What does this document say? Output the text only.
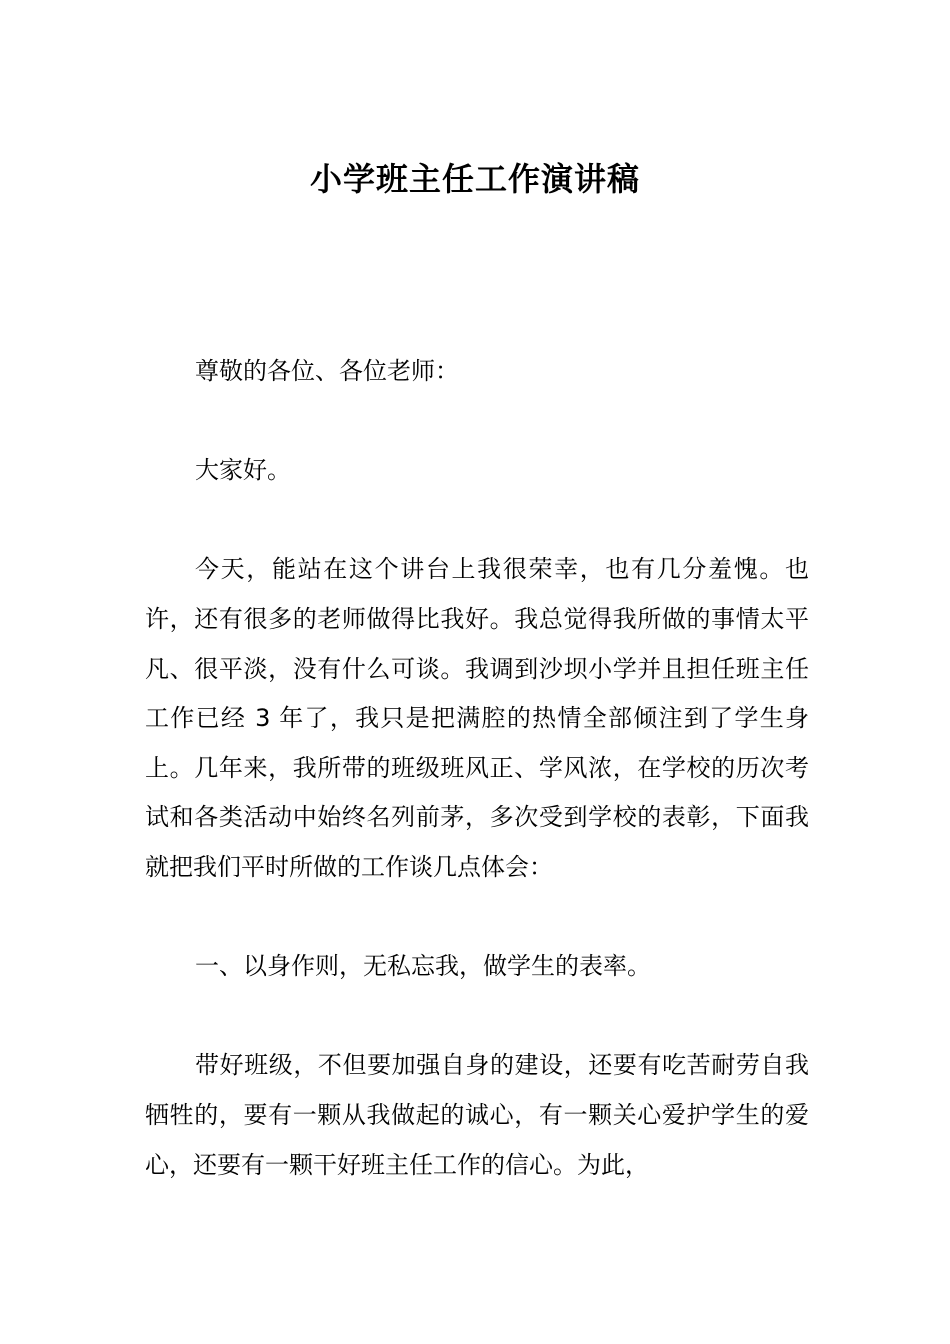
小学班主任工作演讲稿

尊敬的各位、各位老师：

大家好。

今天，能站在这个讲台上我很荣幸，也有几分羞愧。也许，还有很多的老师做得比我好。我总觉得我所做的事情太平凡、很平淡，没有什么可谈。我调到沙坝小学并且担任班主任工作已经 3 年了，我只是把满腔的热情全部倾注到了学生身上。几年来，我所带的班级班风正、学风浓，在学校的历次考试和各类活动中始终名列前茅，多次受到学校的表彰，下面我就把我们平时所做的工作谈几点体会：

一、以身作则，无私忘我，做学生的表率。

带好班级，不但要加强自身的建设，还要有吃苦耐劳自我牺牲的，要有一颗从我做起的诚心，有一颗关心爱护学生的爱心，还要有一颗干好班主任工作的信心。为此，
